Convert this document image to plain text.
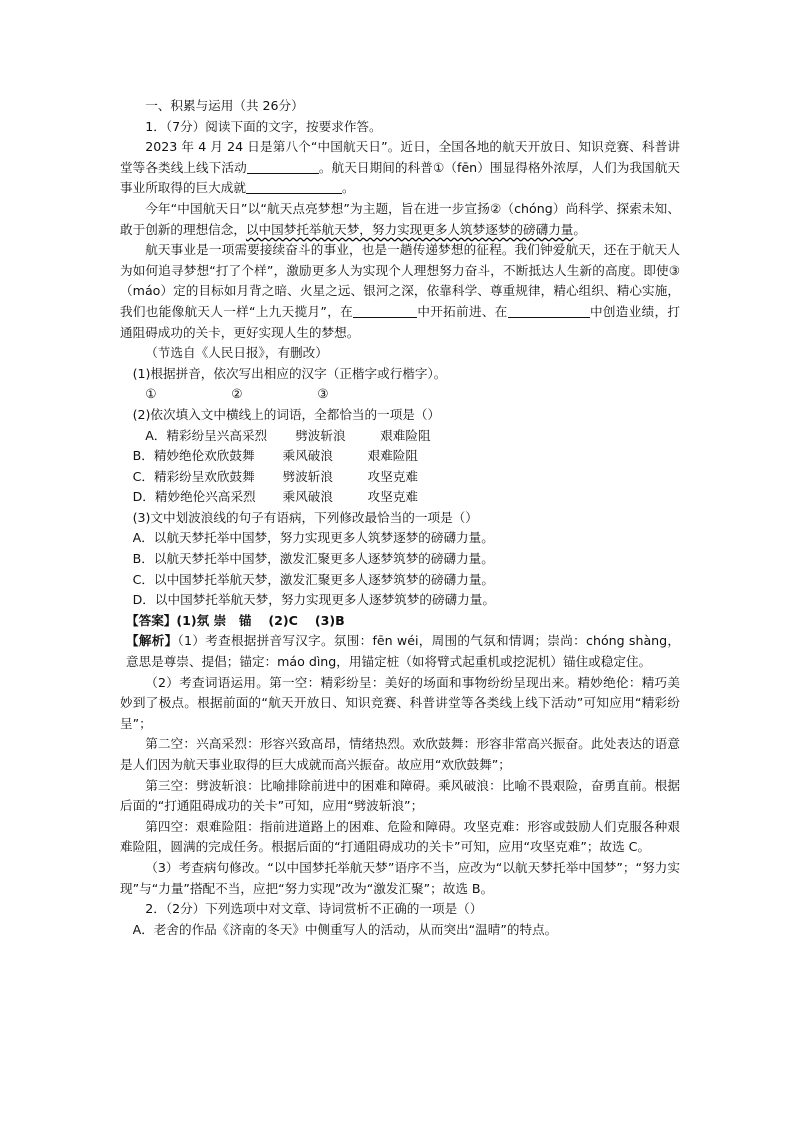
一、积累与运用（共 26分）

1．（7分）阅读下面的文字，按要求作答。

2023 年 4 月 24 日是第八个“中国航天日”。近日，全国各地的航天开放日、知识竞赛、科普讲堂等各类线上线下活动	。航天日期间的科普①（fēn）围显得格外浓厚，人们为我国航天事业所取得的巨大成就	。

今年“中国航天日”以“航天点亮梦想”为主题，旨在进一步宣扬②（chóng）尚科学、探索未知、敢于创新的理想信念，以中国梦托举航天梦，努力实现更多人筑梦逐梦的磅礴力量。

航天事业是一项需要接续奋斗的事业，也是一趟传递梦想的征程。我们钟爱航天，还在于航天人为如何追寻梦想“打了个样”，激励更多人为实现个人理想努力奋斗，不断抵达人生新的高度。即使③（máo）定的目标如月背之暗、火星之远、银河之深，依靠科学、尊重规律，精心组织、精心实施，我们也能像航天人一样“上九天揽月”，在	中开拓前进、在	中创造业绩，打通阻碍成功的关卡，更好实现人生的梦想。

（节选自《人民日报》，有删改）

(1)根据拼音，依次写出相应的汉字（正楷字或行楷字）。

①	②	③

(2)依次填入文中横线上的词语，全都恰当的一项是（）

A．精彩纷呈兴高采烈	劈波斩浪	艰难险阻
B．精妙绝伦欢欣鼓舞	乘风破浪	艰难险阻
C．精彩纷呈欢欣鼓舞	劈波斩浪	攻坚克难
D．精妙绝伦兴高采烈	乘风破浪	攻坚克难

(3)文中划波浪线的句子有语病，下列修改最恰当的一项是（）

A．以航天梦托举中国梦，努力实现更多人筑梦逐梦的磅礴力量。

B．以航天梦托举中国梦，激发汇聚更多人逐梦筑梦的磅礴力量。

C．以中国梦托举航天梦，激发汇聚更多人逐梦筑梦的磅礴力量。

D．以中国梦托举航天梦，努力实现更多人逐梦筑梦的磅礴力量。

【答案】(1)氛 崇　锚　 (2)C　 (3)B

【解析】（1）考查根据拼音写汉字。氛围：fēn wéi，周围的气氛和情调；崇尚：chóng shàng，意思是尊崇、提倡；锚定：máo dìng，用锚定桩（如将臂式起重机或挖泥机）锚住或稳定住。

（2）考查词语运用。第一空：精彩纷呈：美好的场面和事物纷纷呈现出来。精妙绝伦：精巧美妙到了极点。根据前面的“航天开放日、知识竞赛、科普讲堂等各类线上线下活动”可知应用“精彩纷呈”；

第二空：兴高采烈：形容兴致高昂，情绪热烈。欢欣鼓舞：形容非常高兴振奋。此处表达的语意是人们因为航天事业取得的巨大成就而高兴振奋。故应用“欢欣鼓舞”；

第三空：劈波斩浪：比喻排除前进中的困难和障碍。乘风破浪：比喻不畏艰险，奋勇直前。根据后面的“打通阻碍成功的关卡”可知，应用“劈波斩浪”；

第四空：艰难险阻：指前进道路上的困难、危险和障碍。攻坚克难：形容或鼓励人们克服各种艰难险阻，圆满的完成任务。根据后面的“打通阻碍成功的关卡”可知，应用“攻坚克难”；故选 C。

（3）考查病句修改。“以中国梦托举航天梦”语序不当，应改为“以航天梦托举中国梦”；“努力实现”与“力量”搭配不当，应把“努力实现”改为“激发汇聚”；故选 B。

2．（2分）下列选项中对文章、诗词赏析不正确的一项是（）

A．老舍的作品《济南的冬天》中侧重写人的活动，从而突出“温晴”的特点。
